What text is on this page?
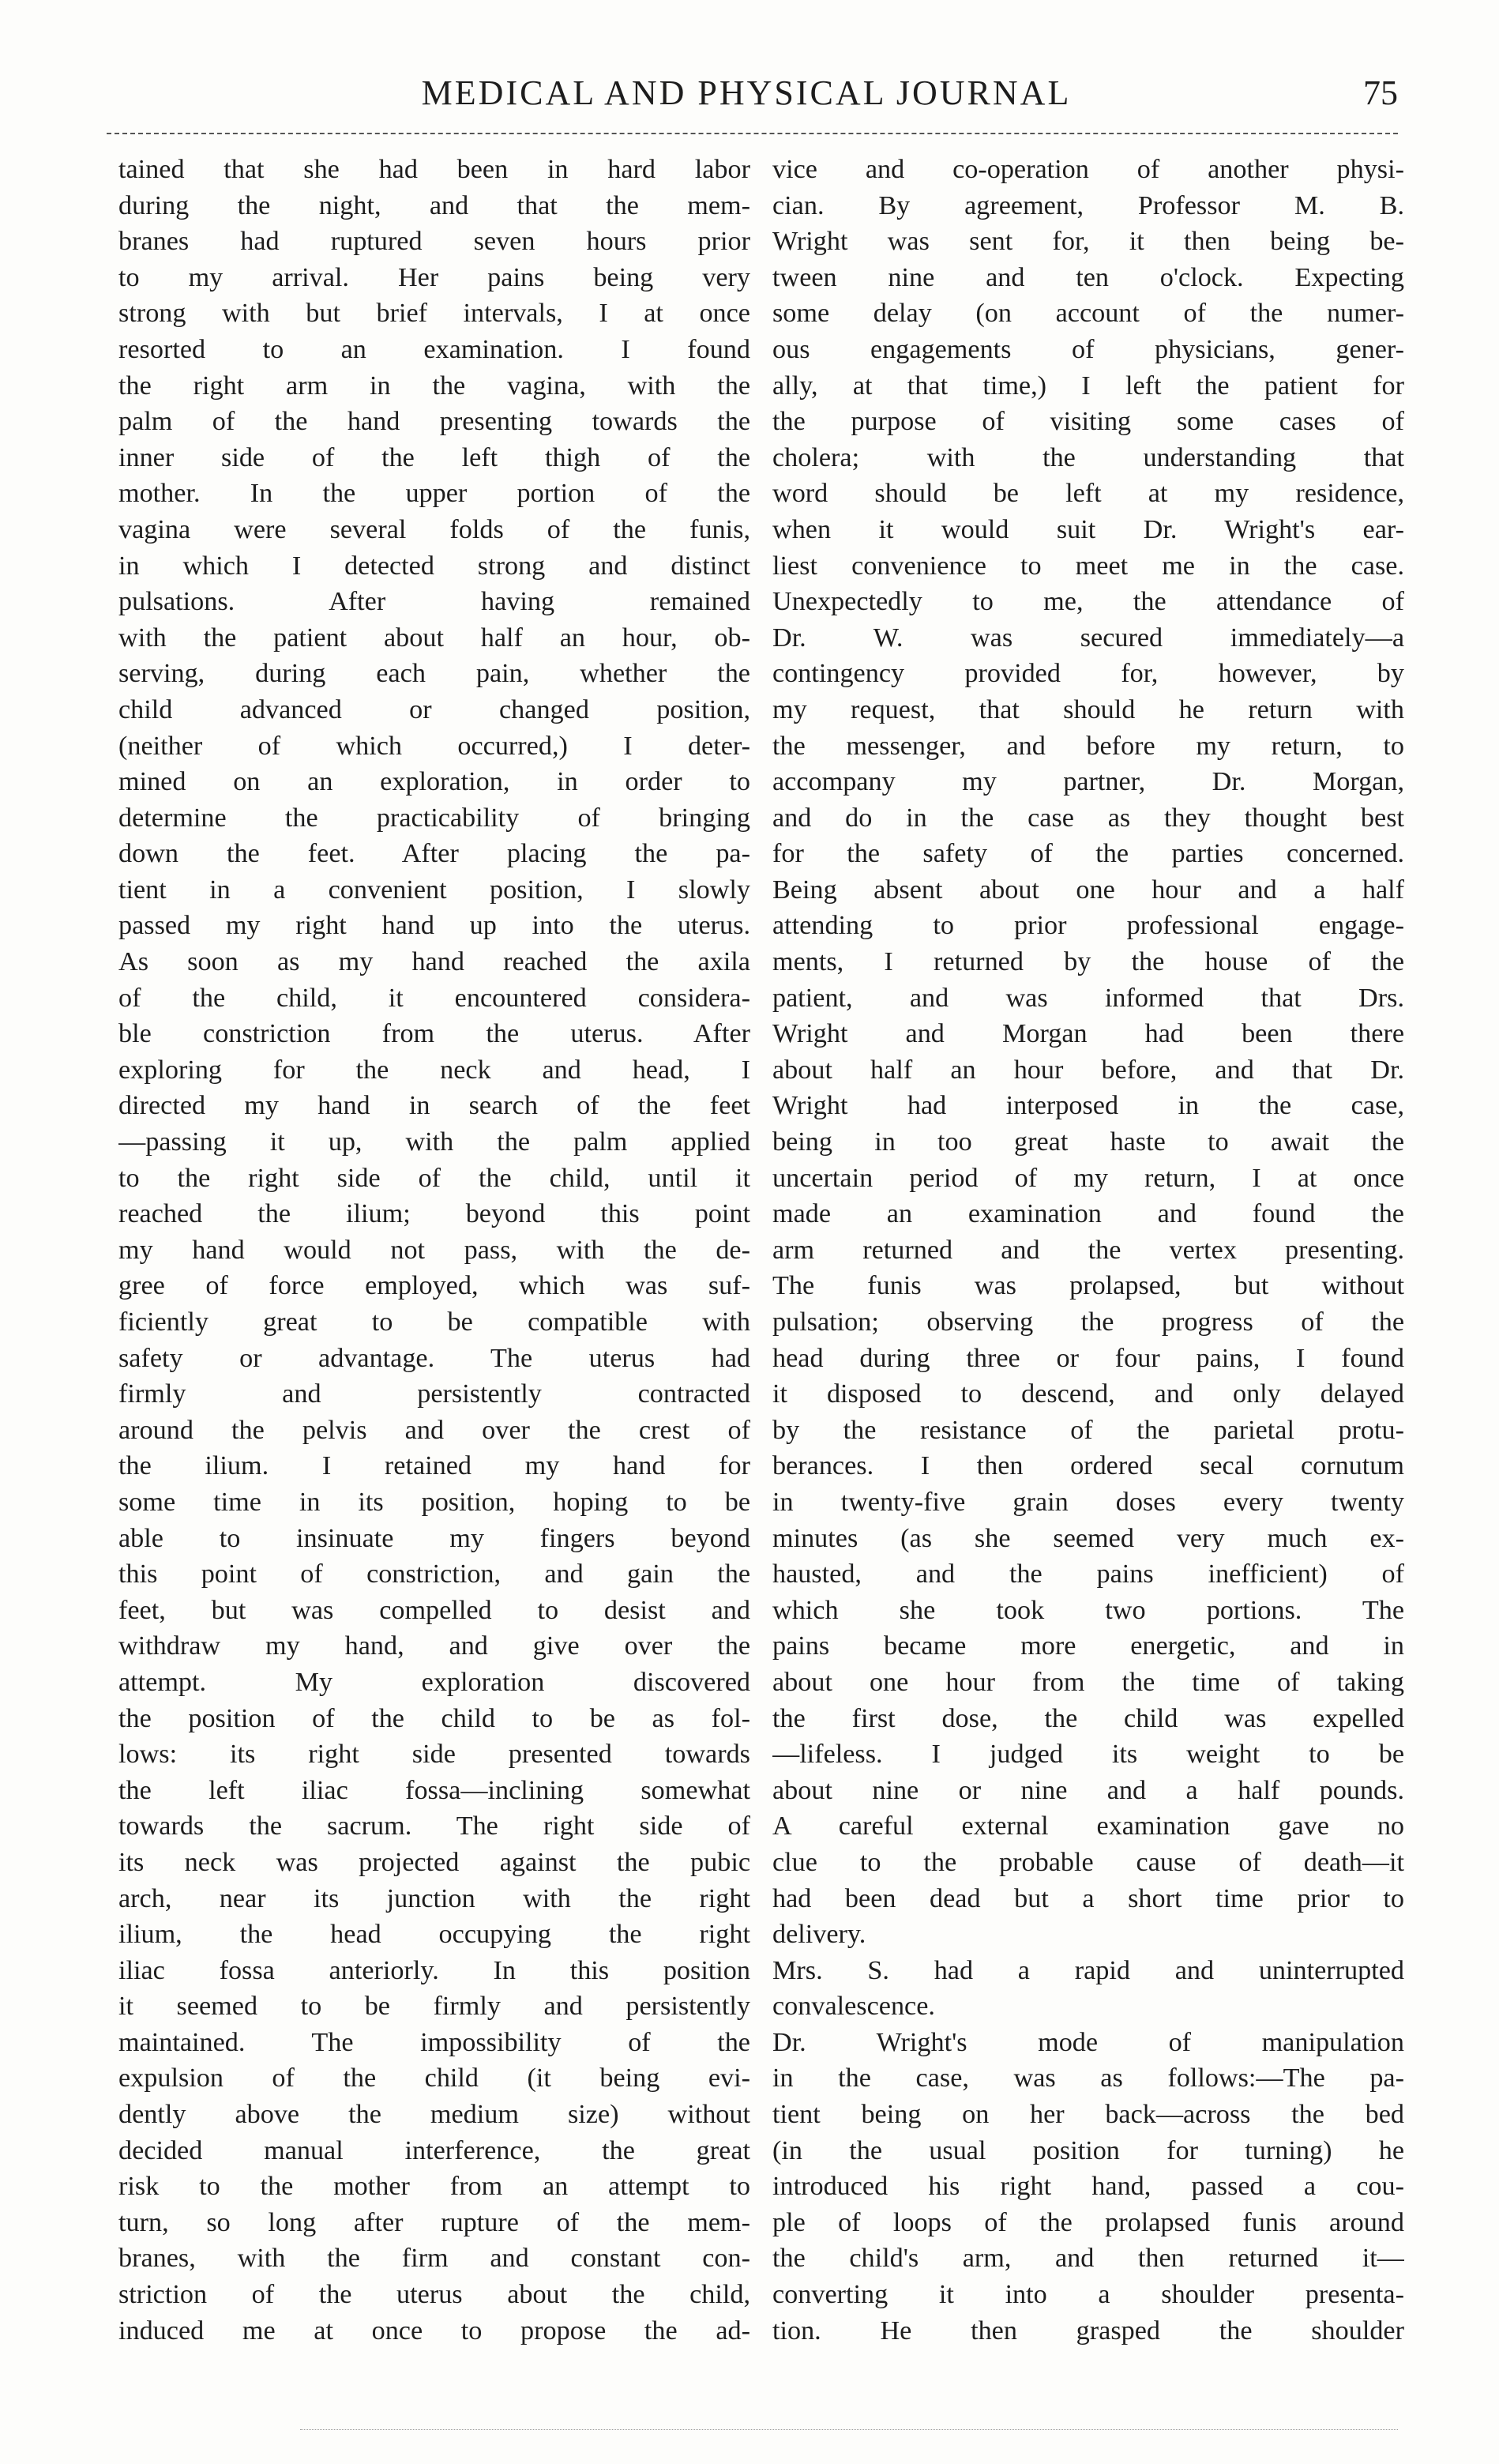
MEDICAL AND PHYSICAL JOURNAL	75
tained that she had been in hard labor
during the night, and that the mem-
branes had ruptured seven hours prior
to my arrival. Her pains being very
strong with but brief intervals, I at once
resorted to an examination. I found
the right arm in the vagina, with the
palm of the hand presenting towards the
inner side of the left thigh of the
mother. In the upper portion of the
vagina were several folds of the funis,
in which I detected strong and distinct
pulsations. After having remained
with the patient about half an hour, ob-
serving, during each pain, whether the
child advanced or changed position,
(neither of which occurred,) I deter-
mined on an exploration, in order to
determine the practicability of bringing
down the feet. After placing the pa-
tient in a convenient position, I slowly
passed my right hand up into the uterus.
As soon as my hand reached the axila
of the child, it encountered considera-
ble constriction from the uterus. After
exploring for the neck and head, I
directed my hand in search of the feet
—passing it up, with the palm applied
to the right side of the child, until it
reached the ilium; beyond this point
my hand would not pass, with the de-
gree of force employed, which was suf-
ficiently great to be compatible with
safety or advantage. The uterus had
firmly and persistently contracted
around the pelvis and over the crest of
the ilium. I retained my hand for
some time in its position, hoping to be
able to insinuate my fingers beyond
this point of constriction, and gain the
feet, but was compelled to desist and
withdraw my hand, and give over the
attempt. My exploration discovered
the position of the child to be as fol-
lows: its right side presented towards
the left iliac fossa—inclining somewhat
towards the sacrum. The right side of
its neck was projected against the pubic
arch, near its junction with the right
ilium, the head occupying the right
iliac fossa anteriorly. In this position
it seemed to be firmly and persistently
maintained. The impossibility of the
expulsion of the child (it being evi-
dently above the medium size) without
decided manual interference, the great
risk to the mother from an attempt to
turn, so long after rupture of the mem-
branes, with the firm and constant con-
striction of the uterus about the child,
induced me at once to propose the ad-
vice and co-operation of another physi-
cian. By agreement, Professor M. B.
Wright was sent for, it then being be-
tween nine and ten o'clock. Expecting
some delay (on account of the numer-
ous engagements of physicians, gener-
ally, at that time,) I left the patient for
the purpose of visiting some cases of
cholera; with the understanding that
word should be left at my residence,
when it would suit Dr. Wright's ear-
liest convenience to meet me in the case.
Unexpectedly to me, the attendance of
Dr. W. was secured immediately—a
contingency provided for, however, by
my request, that should he return with
the messenger, and before my return, to
accompany my partner, Dr. Morgan,
and do in the case as they thought best
for the safety of the parties concerned.
Being absent about one hour and a half
attending to prior professional engage-
ments, I returned by the house of the
patient, and was informed that Drs.
Wright and Morgan had been there
about half an hour before, and that Dr.
Wright had interposed in the case,
being in too great haste to await the
uncertain period of my return, I at once
made an examination and found the
arm returned and the vertex presenting.
The funis was prolapsed, but without
pulsation; observing the progress of the
head during three or four pains, I found
it disposed to descend, and only delayed
by the resistance of the parietal protu-
berances. I then ordered secal cornutum
in twenty-five grain doses every twenty
minutes (as she seemed very much ex-
hausted, and the pains inefficient) of
which she took two portions. The
pains became more energetic, and in
about one hour from the time of taking
the first dose, the child was expelled
—lifeless. I judged its weight to be
about nine or nine and a half pounds.
A careful external examination gave no
clue to the probable cause of death—it
had been dead but a short time prior to
delivery.
Mrs. S. had a rapid and uninterrupted
convalescence.
Dr. Wright's mode of manipulation
in the case, was as follows:—The pa-
tient being on her back—across the bed
(in the usual position for turning) he
introduced his right hand, passed a cou-
ple of loops of the prolapsed funis around
the child's arm, and then returned it—
converting it into a shoulder presenta-
tion. He then grasped the shoulder
